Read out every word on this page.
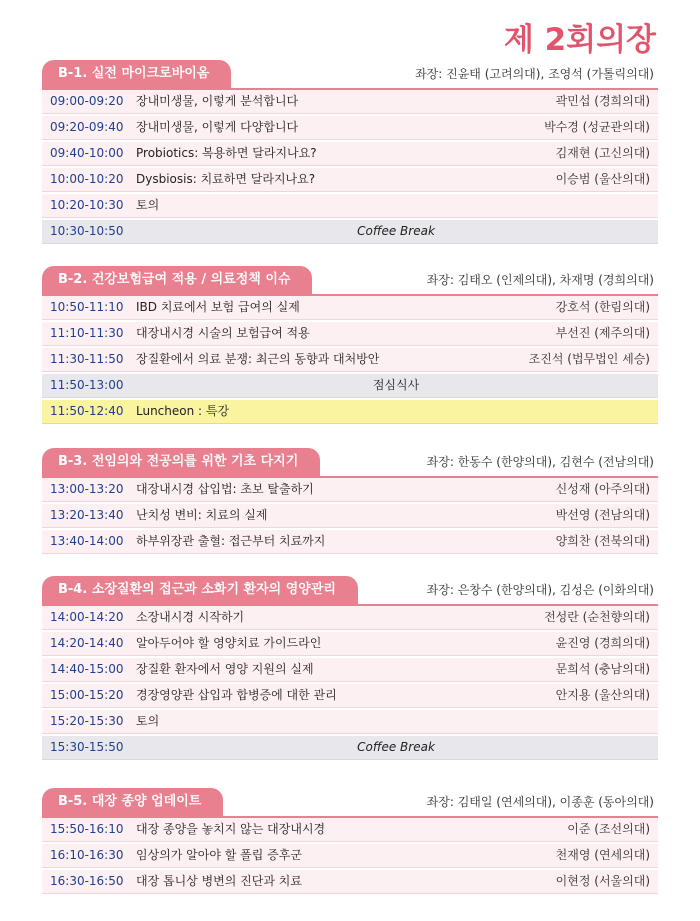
제 2회의장
B-1. 실전 마이크로바이옴	좌장: 진윤태 (고려의대), 조영석 (가톨릭의대)
09:00-09:20	장내미생물, 이렇게 분석합니다	곽민섭 (경희의대)
09:20-09:40	장내미생물, 이렇게 다양합니다	박수경 (성균관의대)
09:40-10:00	Probiotics: 복용하면 달라지나요?	김재현 (고신의대)
10:00-10:20	Dysbiosis: 치료하면 달라지나요?	이승범 (울산의대)
10:20-10:30	토의
10:30-10:50	Coffee Break
B-2. 건강보험급여 적용 / 의료정책 이슈	좌장: 김태오 (인제의대), 차재명 (경희의대)
10:50-11:10	IBD 치료에서 보험 급여의 실제	강호석 (한림의대)
11:10-11:30	대장내시경 시술의 보험급여 적용	부선진 (제주의대)
11:30-11:50	장질환에서 의료 분쟁: 최근의 동향과 대처방안	조진석 (법무법인 세승)
11:50-13:00	점심식사
11:50-12:40	Luncheon : 특강
B-3. 전임의와 전공의를 위한 기초 다지기	좌장: 한동수 (한양의대), 김현수 (전남의대)
13:00-13:20	대장내시경 삽입법: 초보 탈출하기	신성재 (아주의대)
13:20-13:40	난치성 변비: 치료의 실제	박선영 (전남의대)
13:40-14:00	하부위장관 출혈: 접근부터 치료까지	양희찬 (전북의대)
B-4. 소장질환의 접근과 소화기 환자의 영양관리	좌장: 은창수 (한양의대), 김성은 (이화의대)
14:00-14:20	소장내시경 시작하기	전성란 (순천향의대)
14:20-14:40	알아두어야 할 영양치료 가이드라인	윤진영 (경희의대)
14:40-15:00	장질환 환자에서 영양 지원의 실제	문희석 (충남의대)
15:00-15:20	경장영양관 삽입과 합병증에 대한 관리	안지용 (울산의대)
15:20-15:30	토의
15:30-15:50	Coffee Break
B-5. 대장 종양 업데이트	좌장: 김태일 (연세의대), 이종훈 (동아의대)
15:50-16:10	대장 종양을 놓치지 않는 대장내시경	이준 (조선의대)
16:10-16:30	임상의가 알아야 할 폴립 증후군	천재영 (연세의대)
16:30-16:50	대장 톱니상 병변의 진단과 치료	이현정 (서울의대)
